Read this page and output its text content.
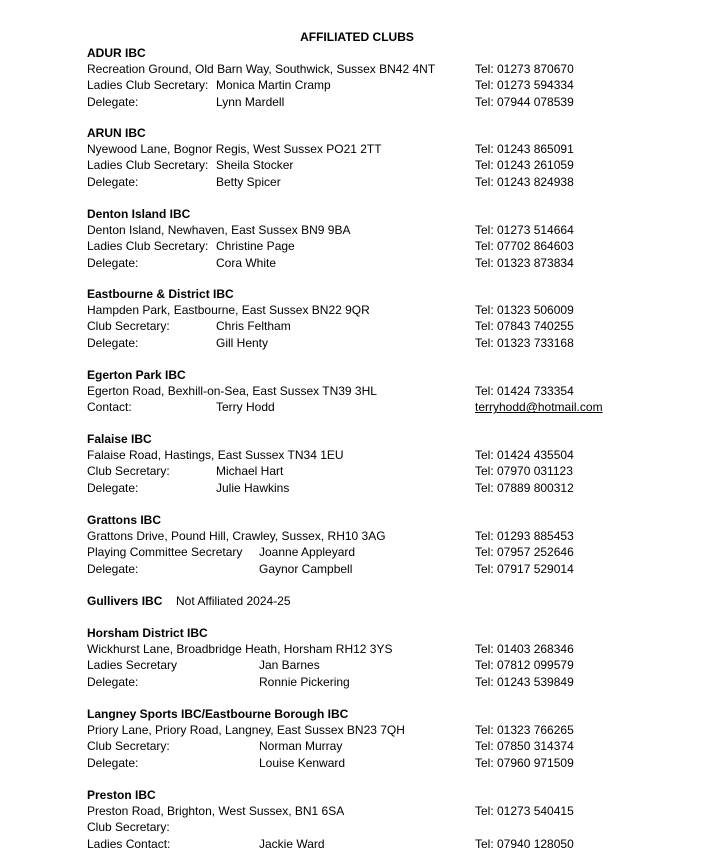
AFFILIATED CLUBS
ADUR IBC
Recreation Ground, Old Barn Way, Southwick, Sussex BN42 4NT	Tel: 01273 870670
Ladies Club Secretary: Monica Martin Cramp	Tel: 01273 594334
Delegate:	Lynn Mardell	Tel: 07944 078539
ARUN IBC
Nyewood Lane, Bognor Regis, West Sussex PO21 2TT	Tel: 01243 865091
Ladies Club Secretary: Sheila Stocker	Tel: 01243 261059
Delegate:	Betty Spicer	Tel: 01243 824938
Denton Island IBC
Denton Island, Newhaven, East Sussex BN9 9BA	Tel: 01273 514664
Ladies Club Secretary: Christine Page	Tel: 07702 864603
Delegate:	Cora White	Tel: 01323 873834
Eastbourne & District IBC
Hampden Park, Eastbourne, East Sussex BN22 9QR	Tel: 01323 506009
Club Secretary:	Chris Feltham	Tel: 07843 740255
Delegate:	Gill Henty	Tel: 01323 733168
Egerton Park IBC
Egerton Road, Bexhill-on-Sea, East Sussex TN39 3HL	Tel: 01424 733354
Contact:	Terry Hodd	terryhodd@hotmail.com
Falaise IBC
Falaise Road, Hastings, East Sussex TN34 1EU	Tel: 01424 435504
Club Secretary:	Michael Hart	Tel: 07970 031123
Delegate:	Julie Hawkins	Tel: 07889 800312
Grattons IBC
Grattons Drive, Pound Hill, Crawley, Sussex, RH10 3AG	Tel: 01293 885453
Playing Committee Secretary Joanne Appleyard	Tel: 07957 252646
Delegate:	Gaynor Campbell	Tel: 07917 529014
Gullivers IBC Not Affiliated 2024-25
Horsham District IBC
Wickhurst Lane, Broadbridge Heath, Horsham RH12 3YS	Tel: 01403 268346
Ladies Secretary	Jan Barnes	Tel: 07812 099579
Delegate:	Ronnie Pickering	Tel: 01243 539849
Langney Sports IBC/Eastbourne Borough IBC
Priory Lane, Priory Road, Langney, East Sussex BN23 7QH	Tel: 01323 766265
Club Secretary:	Norman Murray	Tel: 07850 314374
Delegate:	Louise Kenward	Tel: 07960 971509
Preston IBC
Preston Road, Brighton, West Sussex, BN1 6SA	Tel: 01273 540415
Club Secretary:
Ladies Contact:	Jackie Ward	Tel: 07940 128050
